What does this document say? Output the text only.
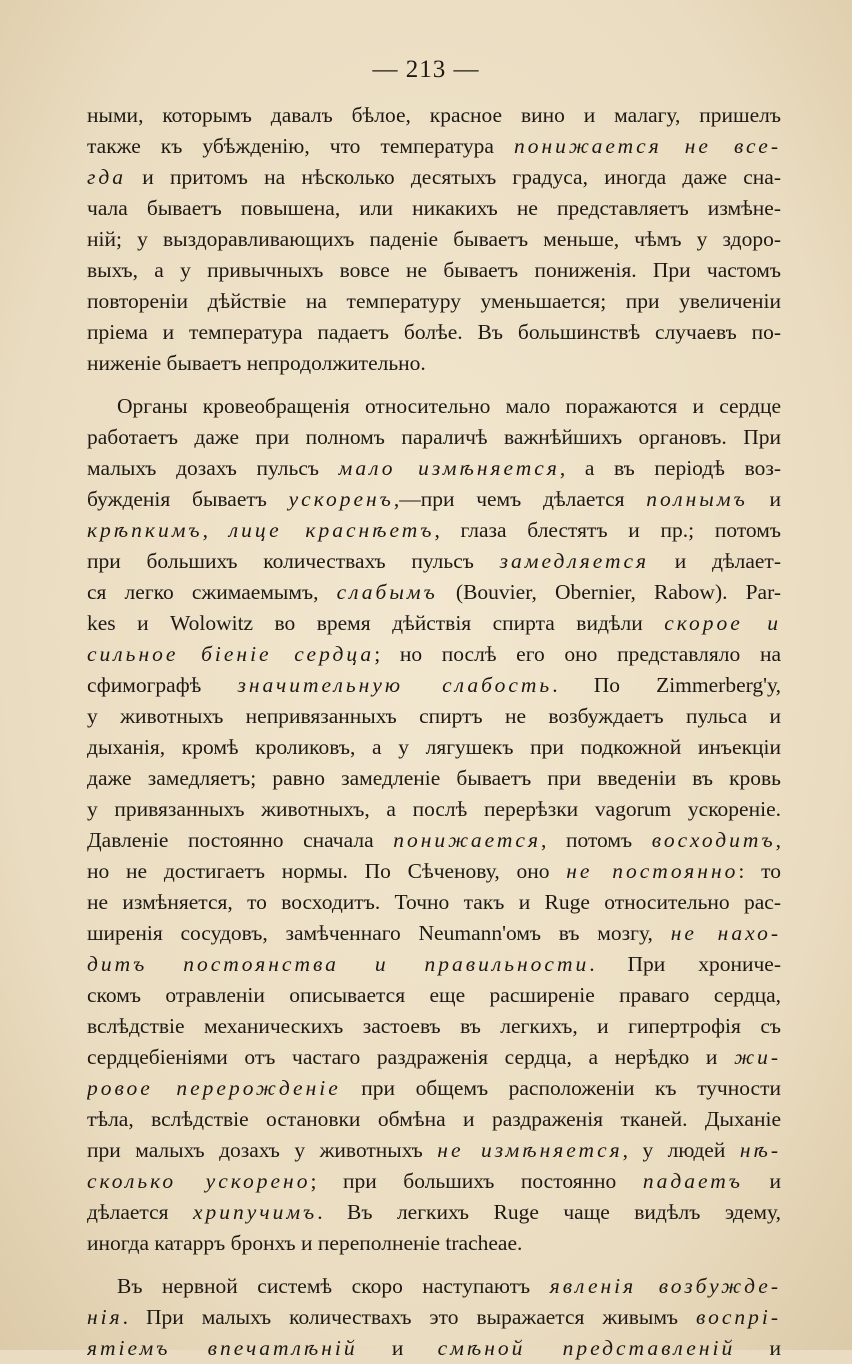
— 213 —
ными, которымъ давалъ бѣлое, красное вино и малагу, пришелъ
также къ убѣжденію, что температура понижается не все-
гда и притомъ на нѣсколько десятыхъ градуса, иногда даже сна-
чала бываетъ повышена, или никакихъ не представляетъ измѣне-
ній; у выздоравливающихъ паденіе бываетъ меньше, чѣмъ у здоро-
выхъ, а у привычныхъ вовсе не бываетъ пониженія. При частомъ
повтореніи дѣйствіе на температуру уменьшается; при увеличеніи
пріема и температура падаетъ болѣе. Въ большинствѣ случаевъ по-
ниженіе бываетъ непродолжительно.
Органы кровеобращенія относительно мало поражаются и сердце
работаетъ даже при полномъ параличѣ важнѣйшихъ органовъ. При
малыхъ дозахъ пульсъ мало измѣняется, а въ періодѣ воз-
бужденія бываетъ ускоренъ,—при чемъ дѣлается полнымъ и
крѣпкимъ, лице краснѣетъ, глаза блестятъ и пр.; потомъ
при большихъ количествахъ пульсъ замедляется и дѣлает-
ся легко сжимаемымъ, слабымъ (Bouvier, Obernier, Rabow). Par-
kes и Wolowitz во время дѣйствія спирта видѣли скорое и
сильное біеніе сердца; но послѣ его оно представляло на
сфимографѣ значительную слабость. По Zimmerberg'у,
у животныхъ непривязанныхъ спиртъ не возбуждаетъ пульса и
дыханія, кромѣ кроликовъ, а у лягушекъ при подкожной инъекціи
даже замедляетъ; равно замедленіе бываетъ при введеніи въ кровь
у привязанныхъ животныхъ, а послѣ перерѣзки vagorum ускореніе.
Давленіе постоянно сначала понижается, потомъ восходитъ,
но не достигаетъ нормы. По Сѣченову, оно не постоянно: то
не измѣняется, то восходитъ. Точно такъ и Ruge относительно рас-
ширенія сосудовъ, замѣченнаго Neumann'омъ въ мозгу, не нахо-
дитъ постоянства и правильности. При хрониче-
скомъ отравленіи описывается еще расширеніе праваго сердца,
вслѣдствіе механическихъ застоевъ въ легкихъ, и гипертрофія съ
сердцебіеніями отъ частаго раздраженія сердца, а нерѣдко и жи-
ровое перерожденіе при общемъ расположеніи къ тучности
тѣла, вслѣдствіе остановки обмѣна и раздраженія тканей. Дыханіе
при малыхъ дозахъ у животныхъ не измѣняется, у людей нѣ-
сколько ускорено; при большихъ постоянно падаетъ и
дѣлается хрипучимъ. Въ легкихъ Ruge чаще видѣлъ эдему,
иногда катарръ бронхъ и переполненіе tracheae.
Въ нервной системѣ скоро наступаютъ явленія возбужде-
нія. При малыхъ количествахъ это выражается живымъ воспрі-
ятіемъ впечатлѣній и смѣной представленій и
